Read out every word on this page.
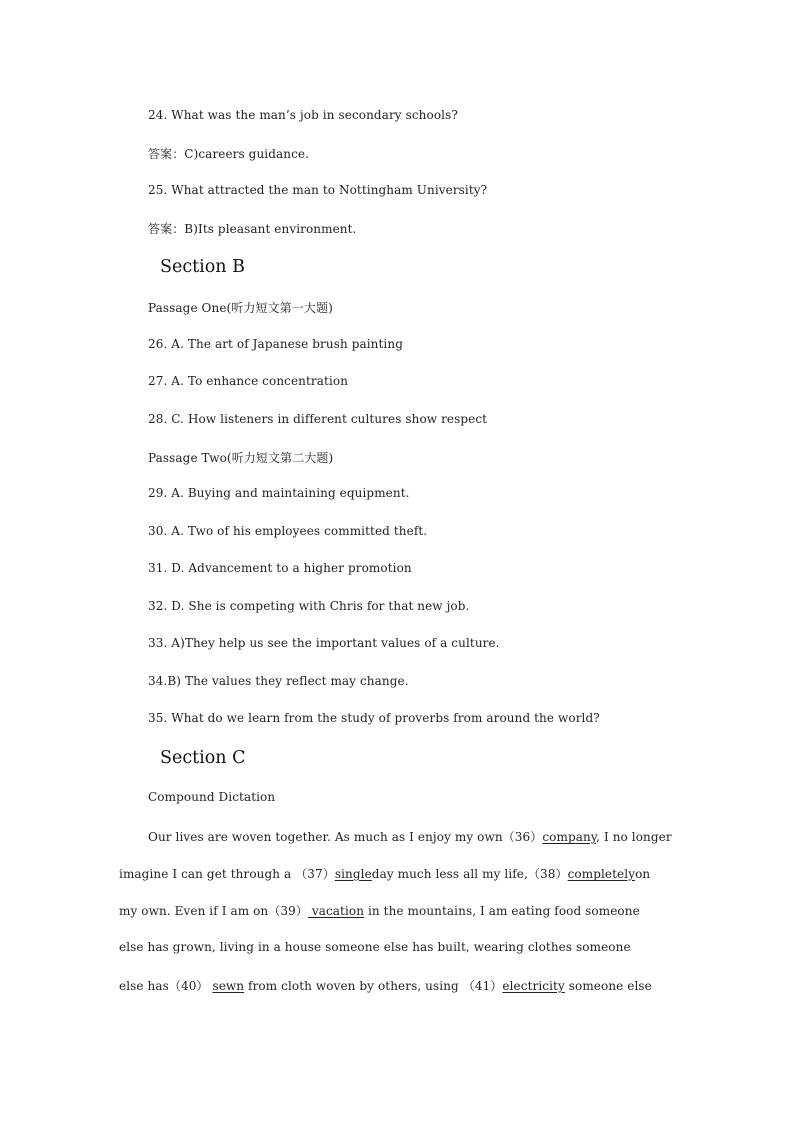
24. What was the man’s job in secondary schools?
答案：C)careers guidance.
25. What attracted the man to Nottingham University?
答案：B)Its pleasant environment.
Section B
Passage One(听力短文第一大题)
26. A. The art of Japanese brush painting
27. A. To enhance concentration
28. C. How listeners in different cultures show respect
Passage Two(听力短文第二大题)
29. A. Buying and maintaining equipment.
30. A. Two of his employees committed theft.
31. D. Advancement to a higher promotion
32. D. She is competing with Chris for that new job.
33. A)They help us see the important values of a culture.
34.B) The values they reflect may change.
35. What do we learn from the study of proverbs from around the world?
Section C
Compound Dictation
Our lives are woven together. As much as I enjoy my own（36）company, I no longer
imagine I can get through a （37）singleday much less all my life,（38）completelyon
my own. Even if I am on（39） vacation in the mountains, I am eating food someone
else has grown, living in a house someone else has built, wearing clothes someone
else has（40） sewn from cloth woven by others, using （41）electricity someone else
